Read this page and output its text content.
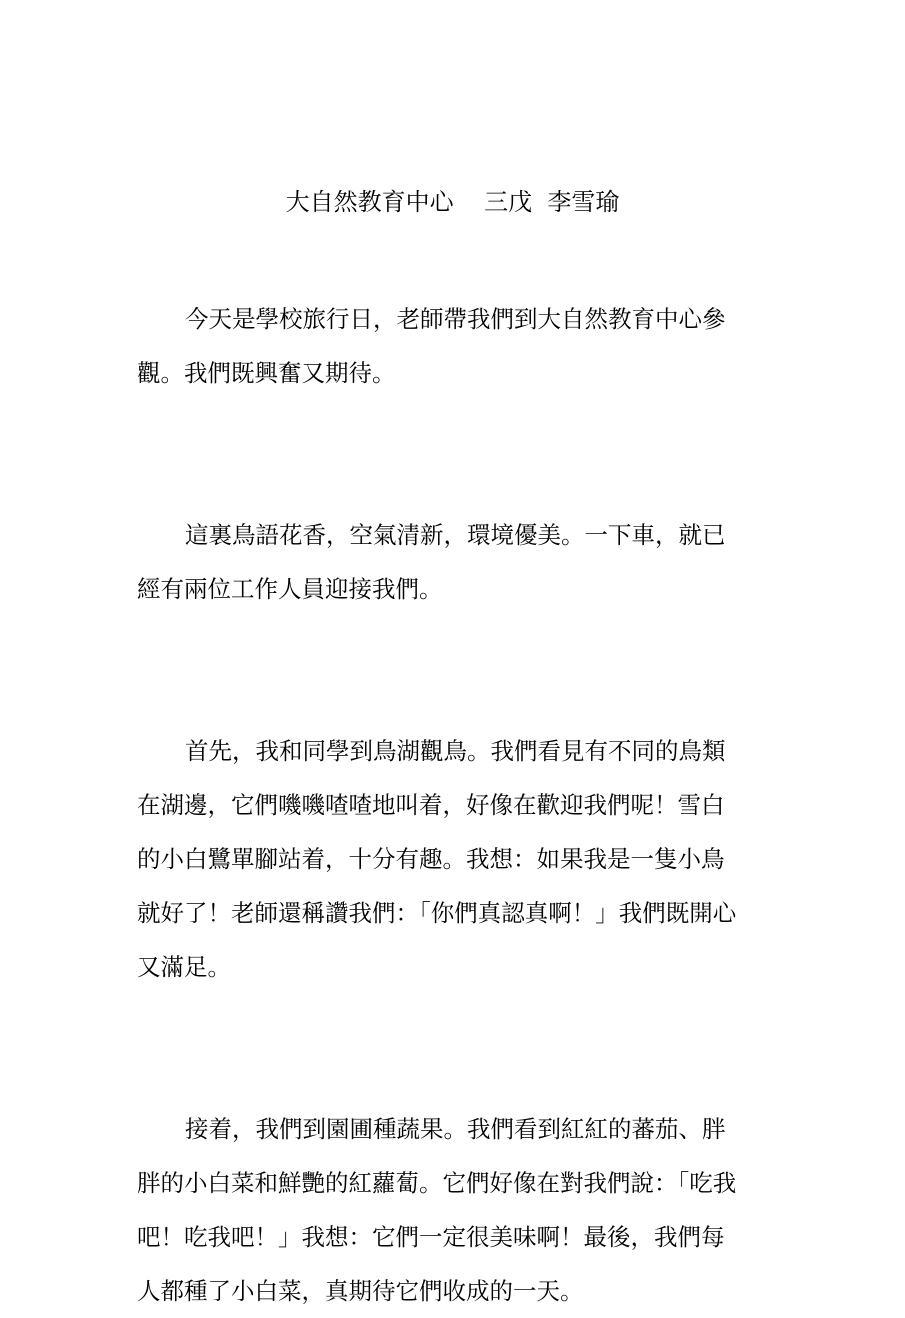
大自然教育中心    三戊  李雪瑜

今天是學校旅行日，老師帶我們到大自然教育中心參觀。我們既興奮又期待。

這裏鳥語花香，空氣清新，環境優美。一下車，就已經有兩位工作人員迎接我們。

首先，我和同學到鳥湖觀鳥。我們看見有不同的鳥類在湖邊，它們嘰嘰喳喳地叫着，好像在歡迎我們呢！雪白的小白鷺單腳站着，十分有趣。我想：如果我是一隻小鳥就好了！老師還稱讚我們：「你們真認真啊！」我們既開心又滿足。

接着，我們到園圃種蔬果。我們看到紅紅的蕃茄、胖胖的小白菜和鮮艷的紅蘿蔔。它們好像在對我們說：「吃我吧！吃我吧！」我想：它們一定很美味啊！最後，我們每人都種了小白菜，真期待它們收成的一天。
